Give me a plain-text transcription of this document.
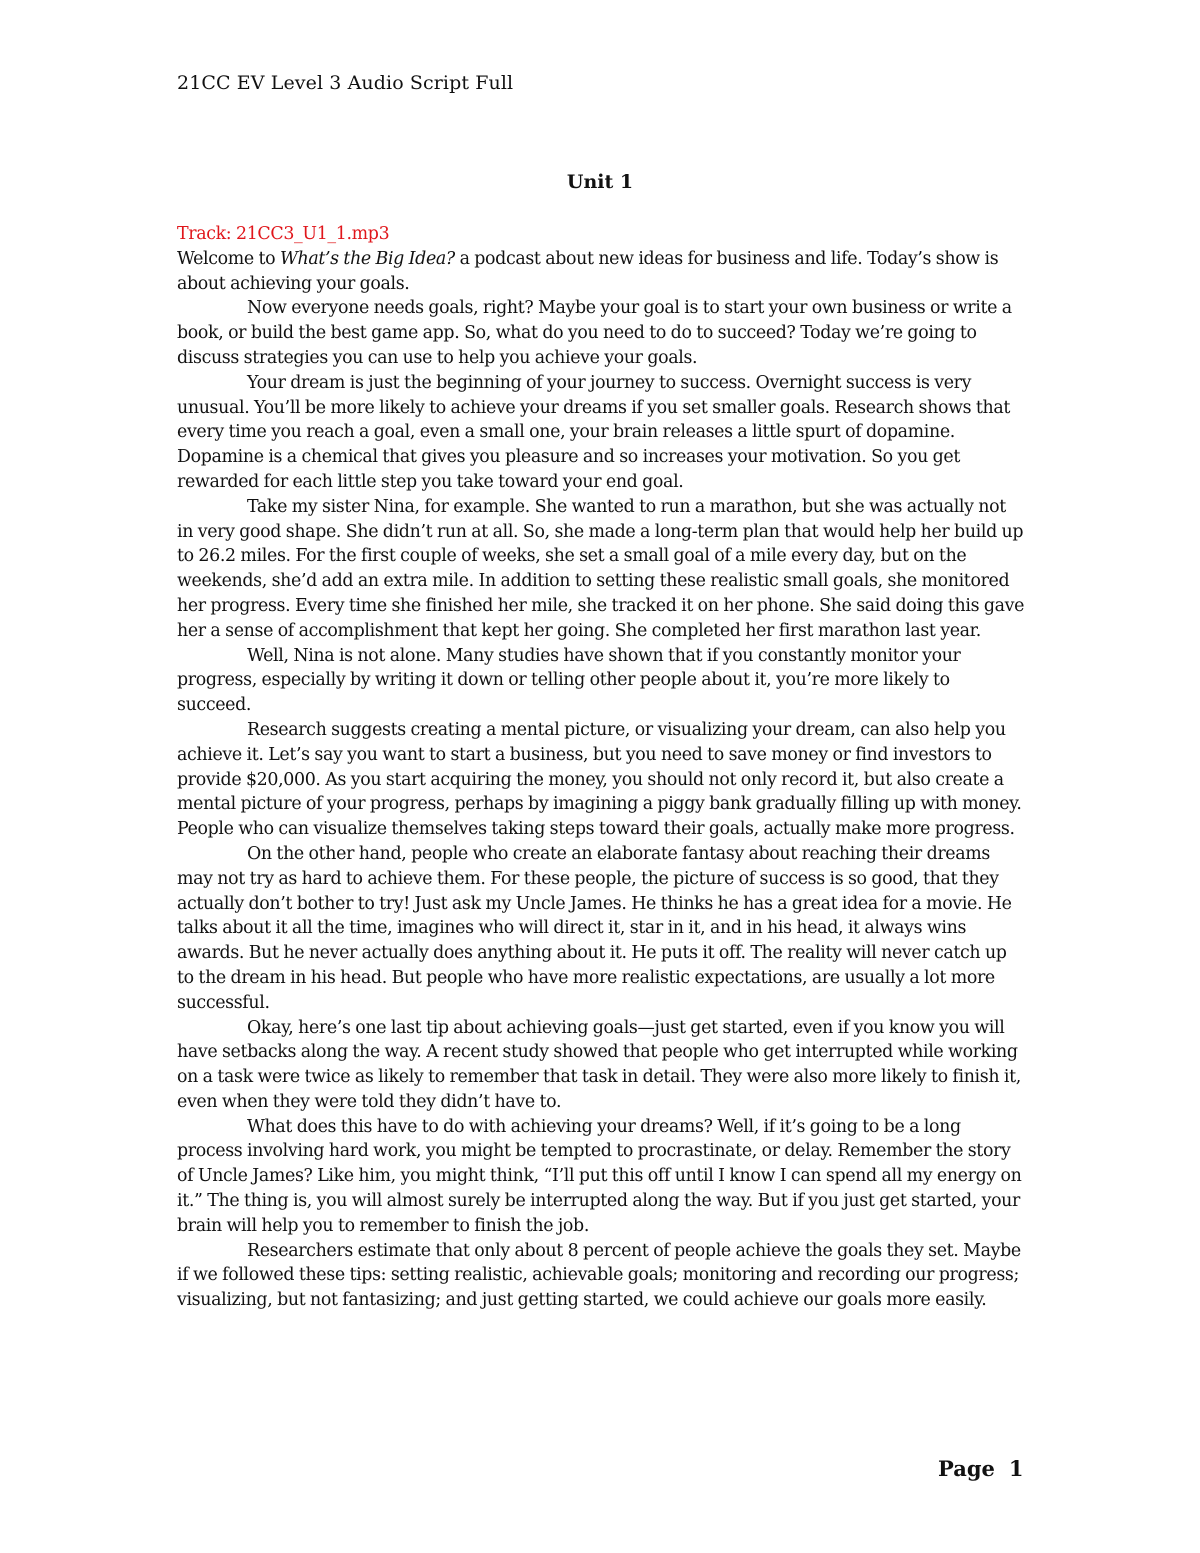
21CC EV Level 3 Audio Script Full
Unit 1

Track: 21CC3_U1_1.mp3

Welcome to What’s the Big Idea? a podcast about new ideas for business and life. Today’s show is about achieving your goals.

Now everyone needs goals, right? Maybe your goal is to start your own business or write a book, or build the best game app. So, what do you need to do to succeed? Today we’re going to discuss strategies you can use to help you achieve your goals.

Your dream is just the beginning of your journey to success. Overnight success is very unusual. You’ll be more likely to achieve your dreams if you set smaller goals. Research shows that every time you reach a goal, even a small one, your brain releases a little spurt of dopamine. Dopamine is a chemical that gives you pleasure and so increases your motivation. So you get rewarded for each little step you take toward your end goal.

Take my sister Nina, for example. She wanted to run a marathon, but she was actually not in very good shape. She didn’t run at all. So, she made a long-term plan that would help her build up to 26.2 miles. For the first couple of weeks, she set a small goal of a mile every day, but on the weekends, she’d add an extra mile. In addition to setting these realistic small goals, she monitored her progress. Every time she finished her mile, she tracked it on her phone. She said doing this gave her a sense of accomplishment that kept her going. She completed her first marathon last year.

Well, Nina is not alone. Many studies have shown that if you constantly monitor your progress, especially by writing it down or telling other people about it, you’re more likely to succeed.

Research suggests creating a mental picture, or visualizing your dream, can also help you achieve it. Let’s say you want to start a business, but you need to save money or find investors to provide $20,000. As you start acquiring the money, you should not only record it, but also create a mental picture of your progress, perhaps by imagining a piggy bank gradually filling up with money. People who can visualize themselves taking steps toward their goals, actually make more progress.

On the other hand, people who create an elaborate fantasy about reaching their dreams may not try as hard to achieve them. For these people, the picture of success is so good, that they actually don’t bother to try! Just ask my Uncle James. He thinks he has a great idea for a movie. He talks about it all the time, imagines who will direct it, star in it, and in his head, it always wins awards. But he never actually does anything about it. He puts it off. The reality will never catch up to the dream in his head. But people who have more realistic expectations, are usually a lot more successful.

Okay, here’s one last tip about achieving goals—just get started, even if you know you will have setbacks along the way. A recent study showed that people who get interrupted while working on a task were twice as likely to remember that task in detail. They were also more likely to finish it, even when they were told they didn’t have to.

What does this have to do with achieving your dreams? Well, if it’s going to be a long process involving hard work, you might be tempted to procrastinate, or delay. Remember the story of Uncle James? Like him, you might think, “I’ll put this off until I know I can spend all my energy on it.” The thing is, you will almost surely be interrupted along the way. But if you just get started, your brain will help you to remember to finish the job.

Researchers estimate that only about 8 percent of people achieve the goals they set. Maybe if we followed these tips: setting realistic, achievable goals; monitoring and recording our progress; visualizing, but not fantasizing; and just getting started, we could achieve our goals more easily.

Page 1
